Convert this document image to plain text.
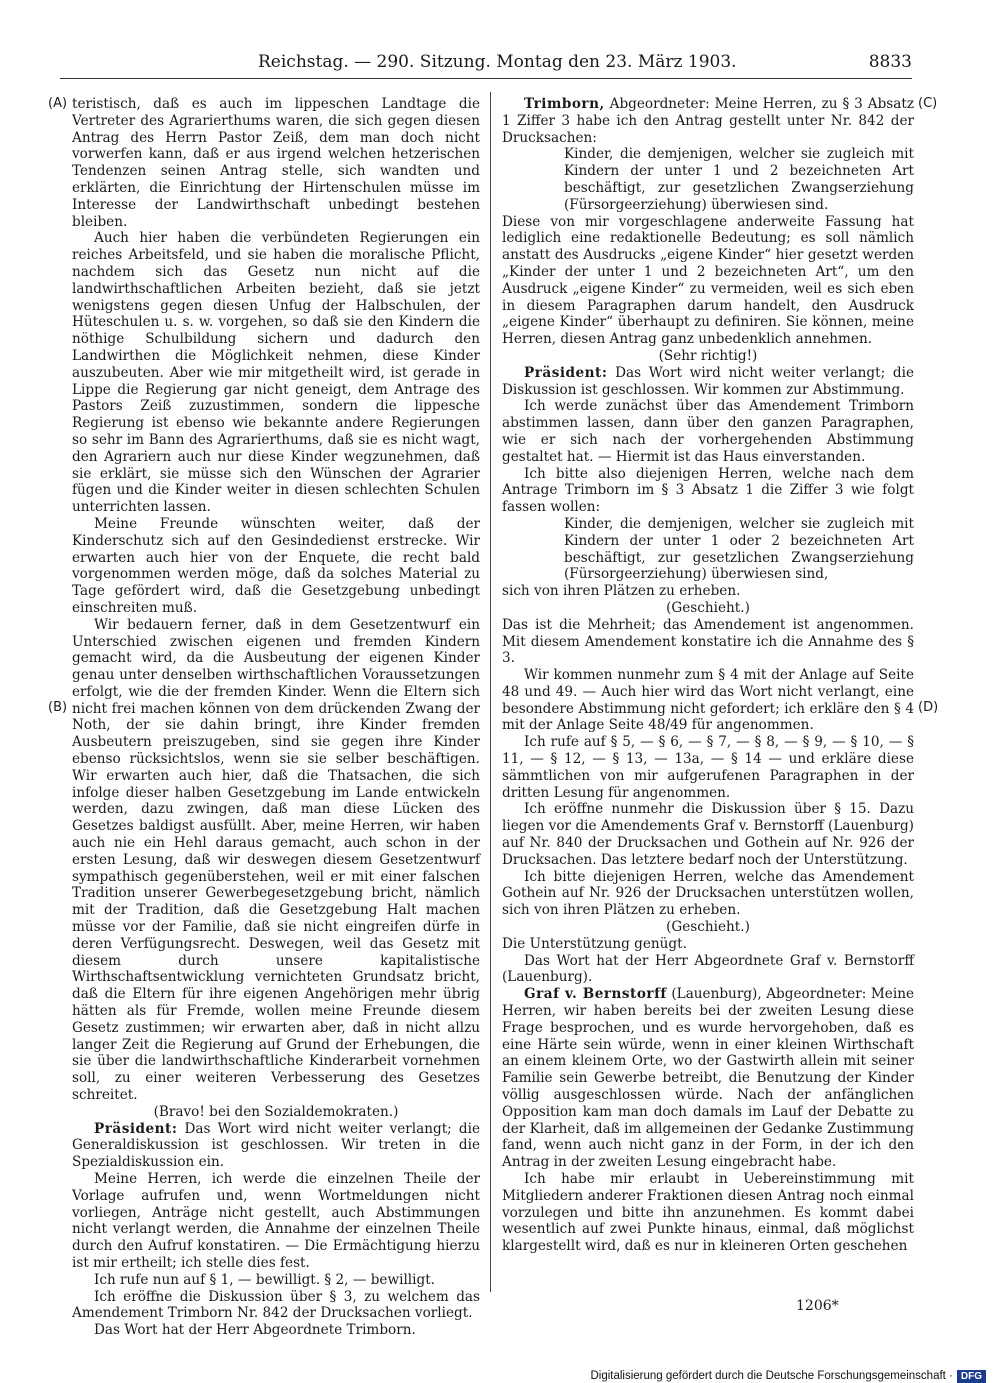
Reichstag. — 290. Sitzung. Montag den 23. März 1903.	8833
(A)
(B)
(C)
(D)

teristisch, daß es auch im lippeschen Landtage die Vertreter des Agrarierthums waren, die sich gegen diesen Antrag des Herrn Pastor Zeiß, dem man doch nicht vorwerfen kann, daß er aus irgend welchen hetzerischen Tendenzen seinen Antrag stelle, sich wandten und erklärten, die Einrichtung der Hirtenschulen müsse im Interesse der Landwirthschaft unbedingt bestehen bleiben.

Auch hier haben die verbündeten Regierungen ein reiches Arbeitsfeld, und sie haben die moralische Pflicht, nachdem sich das Gesetz nun nicht auf die landwirthschaftlichen Arbeiten bezieht, daß sie jetzt wenigstens gegen diesen Unfug der Halbschulen, der Hüteschulen u. s. w. vorgehen, so daß sie den Kindern die nöthige Schulbildung sichern und dadurch den Landwirthen die Möglichkeit nehmen, diese Kinder auszubeuten. Aber wie mir mitgetheilt wird, ist gerade in Lippe die Regierung gar nicht geneigt, dem Antrage des Pastors Zeiß zuzustimmen, sondern die lippesche Regierung ist ebenso wie bekannte andere Regierungen so sehr im Bann des Agrarierthums, daß sie es nicht wagt, den Agrariern auch nur diese Kinder wegzunehmen, daß sie erklärt, sie müsse sich den Wünschen der Agrarier fügen und die Kinder weiter in diesen schlechten Schulen unterrichten lassen.

Meine Freunde wünschten weiter, daß der Kinderschutz sich auf den Gesindedienst erstrecke. Wir erwarten auch hier von der Enquete, die recht bald vorgenommen werden möge, daß da solches Material zu Tage gefördert wird, daß die Gesetzgebung unbedingt einschreiten muß.

Wir bedauern ferner, daß in dem Gesetzentwurf ein Unterschied zwischen eigenen und fremden Kindern gemacht wird, da die Ausbeutung der eigenen Kinder genau unter denselben wirthschaftlichen Voraussetzungen erfolgt, wie die der fremden Kinder. Wenn die Eltern sich nicht frei machen können von dem drückenden Zwang der Noth, der sie dahin bringt, ihre Kinder fremden Ausbeutern preiszugeben, sind sie gegen ihre Kinder ebenso rücksichtslos, wenn sie sie selber beschäftigen. Wir erwarten auch hier, daß die Thatsachen, die sich infolge dieser halben Gesetzgebung im Lande entwickeln werden, dazu zwingen, daß man diese Lücken des Gesetzes baldigst ausfüllt. Aber, meine Herren, wir haben auch nie ein Hehl daraus gemacht, auch schon in der ersten Lesung, daß wir deswegen diesem Gesetzentwurf sympathisch gegenüberstehen, weil er mit einer falschen Tradition unserer Gewerbegesetzgebung bricht, nämlich mit der Tradition, daß die Gesetzgebung Halt machen müsse vor der Familie, daß sie nicht eingreifen dürfe in deren Verfügungsrecht. Deswegen, weil das Gesetz mit diesem durch unsere kapitalistische Wirthschaftsentwicklung vernichteten Grundsatz bricht, daß die Eltern für ihre eigenen Angehörigen mehr übrig hätten als für Fremde, wollen meine Freunde diesem Gesetz zustimmen; wir erwarten aber, daß in nicht allzu langer Zeit die Regierung auf Grund der Erhebungen, die sie über die landwirthschaftliche Kinderarbeit vornehmen soll, zu einer weiteren Verbesserung des Gesetzes schreitet.

(Bravo! bei den Sozialdemokraten.)

Präsident: Das Wort wird nicht weiter verlangt; die Generaldiskussion ist geschlossen. Wir treten in die Spezialdiskussion ein.

Meine Herren, ich werde die einzelnen Theile der Vorlage aufrufen und, wenn Wortmeldungen nicht vorliegen, Anträge nicht gestellt, auch Abstimmungen nicht verlangt werden, die Annahme der einzelnen Theile durch den Aufruf konstatiren. — Die Ermächtigung hierzu ist mir ertheilt; ich stelle dies fest.

Ich rufe nun auf § 1, — bewilligt. § 2, — bewilligt.

Ich eröffne die Diskussion über § 3, zu welchem das Amendement Trimborn Nr. 842 der Drucksachen vorliegt.

Das Wort hat der Herr Abgeordnete Trimborn.

Trimborn, Abgeordneter: Meine Herren, zu § 3 Absatz 1 Ziffer 3 habe ich den Antrag gestellt unter Nr. 842 der Drucksachen:

Kinder, die demjenigen, welcher sie zugleich mit Kindern der unter 1 und 2 bezeichneten Art beschäftigt, zur gesetzlichen Zwangserziehung (Fürsorgeerziehung) überwiesen sind.

Diese von mir vorgeschlagene anderweite Fassung hat lediglich eine redaktionelle Bedeutung; es soll nämlich anstatt des Ausdrucks „eigene Kinder“ hier gesetzt werden „Kinder der unter 1 und 2 bezeichneten Art“, um den Ausdruck „eigene Kinder“ zu vermeiden, weil es sich eben in diesem Paragraphen darum handelt, den Ausdruck „eigene Kinder“ überhaupt zu definiren. Sie können, meine Herren, diesen Antrag ganz unbedenklich annehmen.

(Sehr richtig!)

Präsident: Das Wort wird nicht weiter verlangt; die Diskussion ist geschlossen. Wir kommen zur Abstimmung.

Ich werde zunächst über das Amendement Trimborn abstimmen lassen, dann über den ganzen Paragraphen, wie er sich nach der vorhergehenden Abstimmung gestaltet hat. — Hiermit ist das Haus einverstanden.

Ich bitte also diejenigen Herren, welche nach dem Antrage Trimborn im § 3 Absatz 1 die Ziffer 3 wie folgt fassen wollen:

Kinder, die demjenigen, welcher sie zugleich mit Kindern der unter 1 oder 2 bezeichneten Art beschäftigt, zur gesetzlichen Zwangserziehung (Fürsorgeerziehung) überwiesen sind,

sich von ihren Plätzen zu erheben.

(Geschieht.)

Das ist die Mehrheit; das Amendement ist angenommen. Mit diesem Amendement konstatire ich die Annahme des § 3.

Wir kommen nunmehr zum § 4 mit der Anlage auf Seite 48 und 49. — Auch hier wird das Wort nicht verlangt, eine besondere Abstimmung nicht gefordert; ich erkläre den § 4 mit der Anlage Seite 48/49 für angenommen.

Ich rufe auf § 5, — § 6, — § 7, — § 8, — § 9, — § 10, — § 11, — § 12, — § 13, — 13a, — § 14 — und erkläre diese sämmtlichen von mir aufgerufenen Paragraphen in der dritten Lesung für angenommen.

Ich eröffne nunmehr die Diskussion über § 15. Dazu liegen vor die Amendements Graf v. Bernstorff (Lauenburg) auf Nr. 840 der Drucksachen und Gothein auf Nr. 926 der Drucksachen. Das letztere bedarf noch der Unterstützung.

Ich bitte diejenigen Herren, welche das Amendement Gothein auf Nr. 926 der Drucksachen unterstützen wollen, sich von ihren Plätzen zu erheben.

(Geschieht.)

Die Unterstützung genügt.

Das Wort hat der Herr Abgeordnete Graf v. Bernstorff (Lauenburg).

Graf v. Bernstorff (Lauenburg), Abgeordneter: Meine Herren, wir haben bereits bei der zweiten Lesung diese Frage besprochen, und es wurde hervorgehoben, daß es eine Härte sein würde, wenn in einer kleinen Wirthschaft an einem kleinem Orte, wo der Gastwirth allein mit seiner Familie sein Gewerbe betreibt, die Benutzung der Kinder völlig ausgeschlossen würde. Nach der anfänglichen Opposition kam man doch damals im Lauf der Debatte zu der Klarheit, daß im allgemeinen der Gedanke Zustimmung fand, wenn auch nicht ganz in der Form, in der ich den Antrag in der zweiten Lesung eingebracht habe.

Ich habe mir erlaubt in Uebereinstimmung mit Mitgliedern anderer Fraktionen diesen Antrag noch einmal vorzulegen und bitte ihn anzunehmen. Es kommt dabei wesentlich auf zwei Punkte hinaus, einmal, daß möglichst klargestellt wird, daß es nur in kleineren Orten geschehen

1206*
Digitalisierung gefördert durch die Deutsche Forschungsgemeinschaft · DFG
